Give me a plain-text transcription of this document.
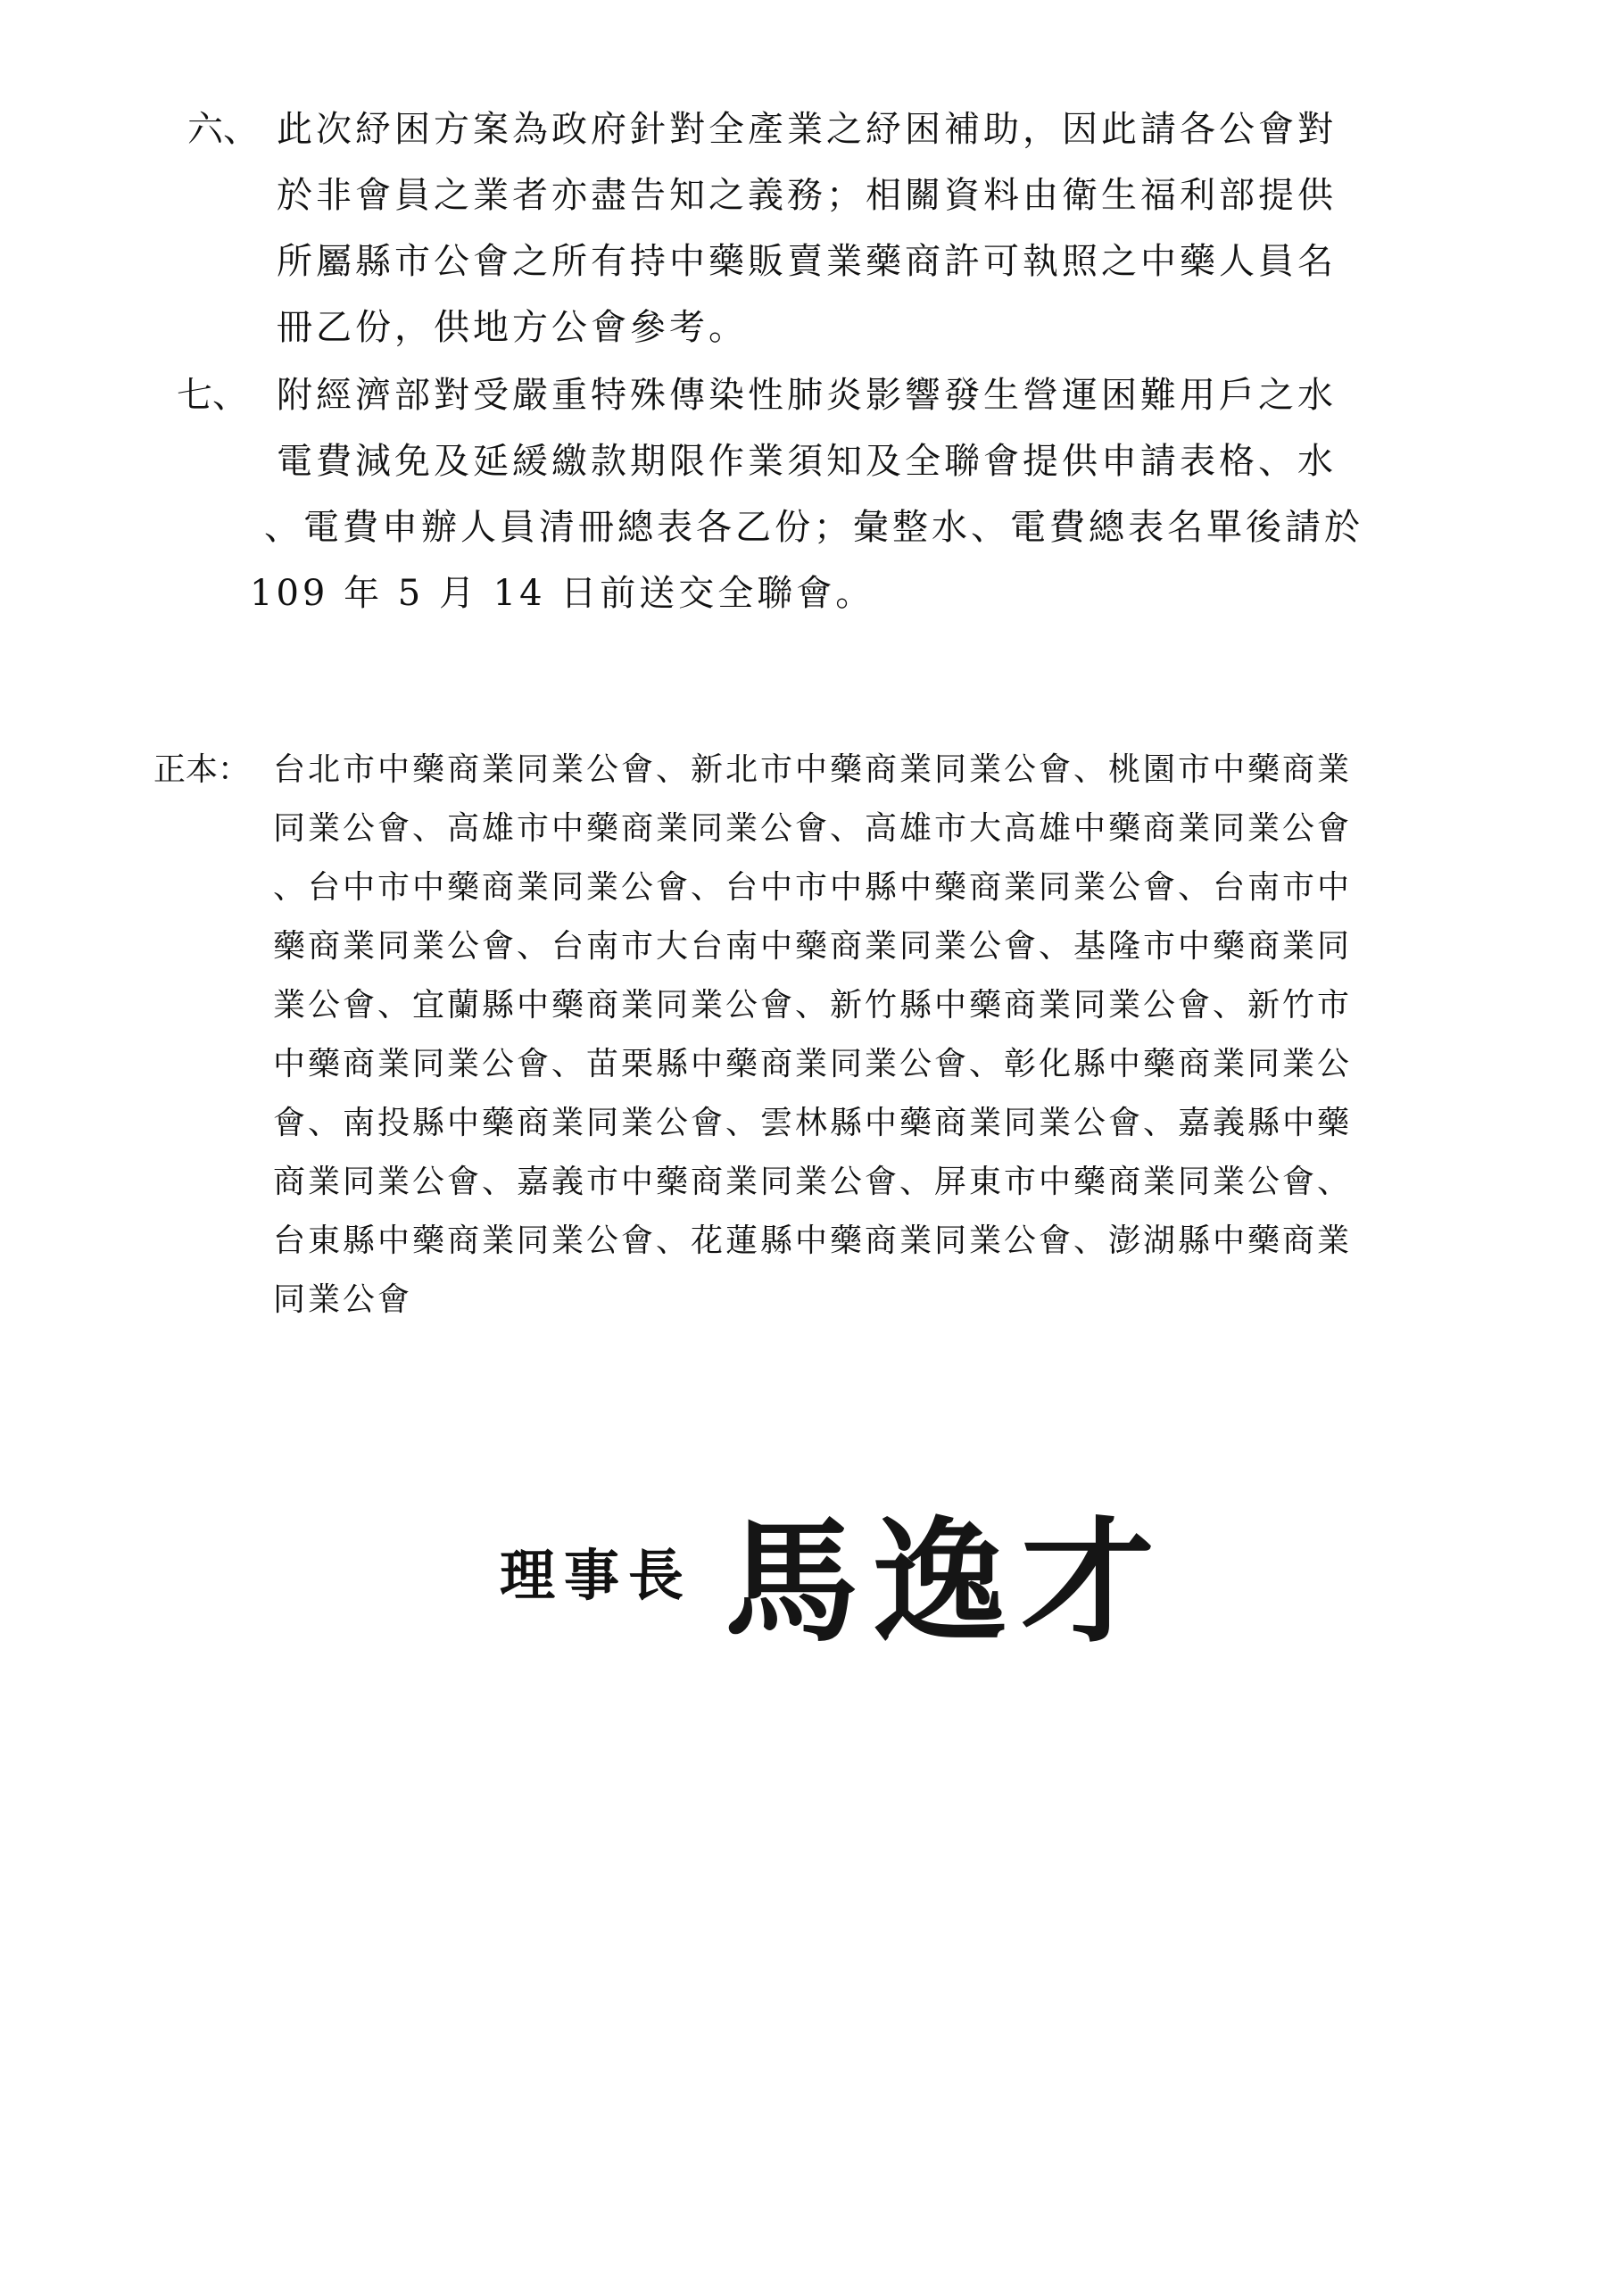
六、 此次紓困方案為政府針對全產業之紓困補助，因此請各公會對
於非會員之業者亦盡告知之義務；相關資料由衛生福利部提供
所屬縣市公會之所有持中藥販賣業藥商許可執照之中藥人員名
冊乙份，供地方公會參考。
七、 附經濟部對受嚴重特殊傳染性肺炎影響發生營運困難用戶之水
電費減免及延緩繳款期限作業須知及全聯會提供申請表格、水
、電費申辦人員清冊總表各乙份；彙整水、電費總表名單後請於
109 年 5 月 14 日前送交全聯會。
正本： 台北市中藥商業同業公會、新北市中藥商業同業公會、桃園市中藥商業
同業公會、高雄市中藥商業同業公會、高雄市大高雄中藥商業同業公會
、台中市中藥商業同業公會、台中市中縣中藥商業同業公會、台南市中
藥商業同業公會、台南市大台南中藥商業同業公會、基隆市中藥商業同
業公會、宜蘭縣中藥商業同業公會、新竹縣中藥商業同業公會、新竹市
中藥商業同業公會、苗栗縣中藥商業同業公會、彰化縣中藥商業同業公
會、南投縣中藥商業同業公會、雲林縣中藥商業同業公會、嘉義縣中藥
商業同業公會、嘉義市中藥商業同業公會、屏東市中藥商業同業公會、
台東縣中藥商業同業公會、花蓮縣中藥商業同業公會、澎湖縣中藥商業
同業公會
理事長 馬逸才
